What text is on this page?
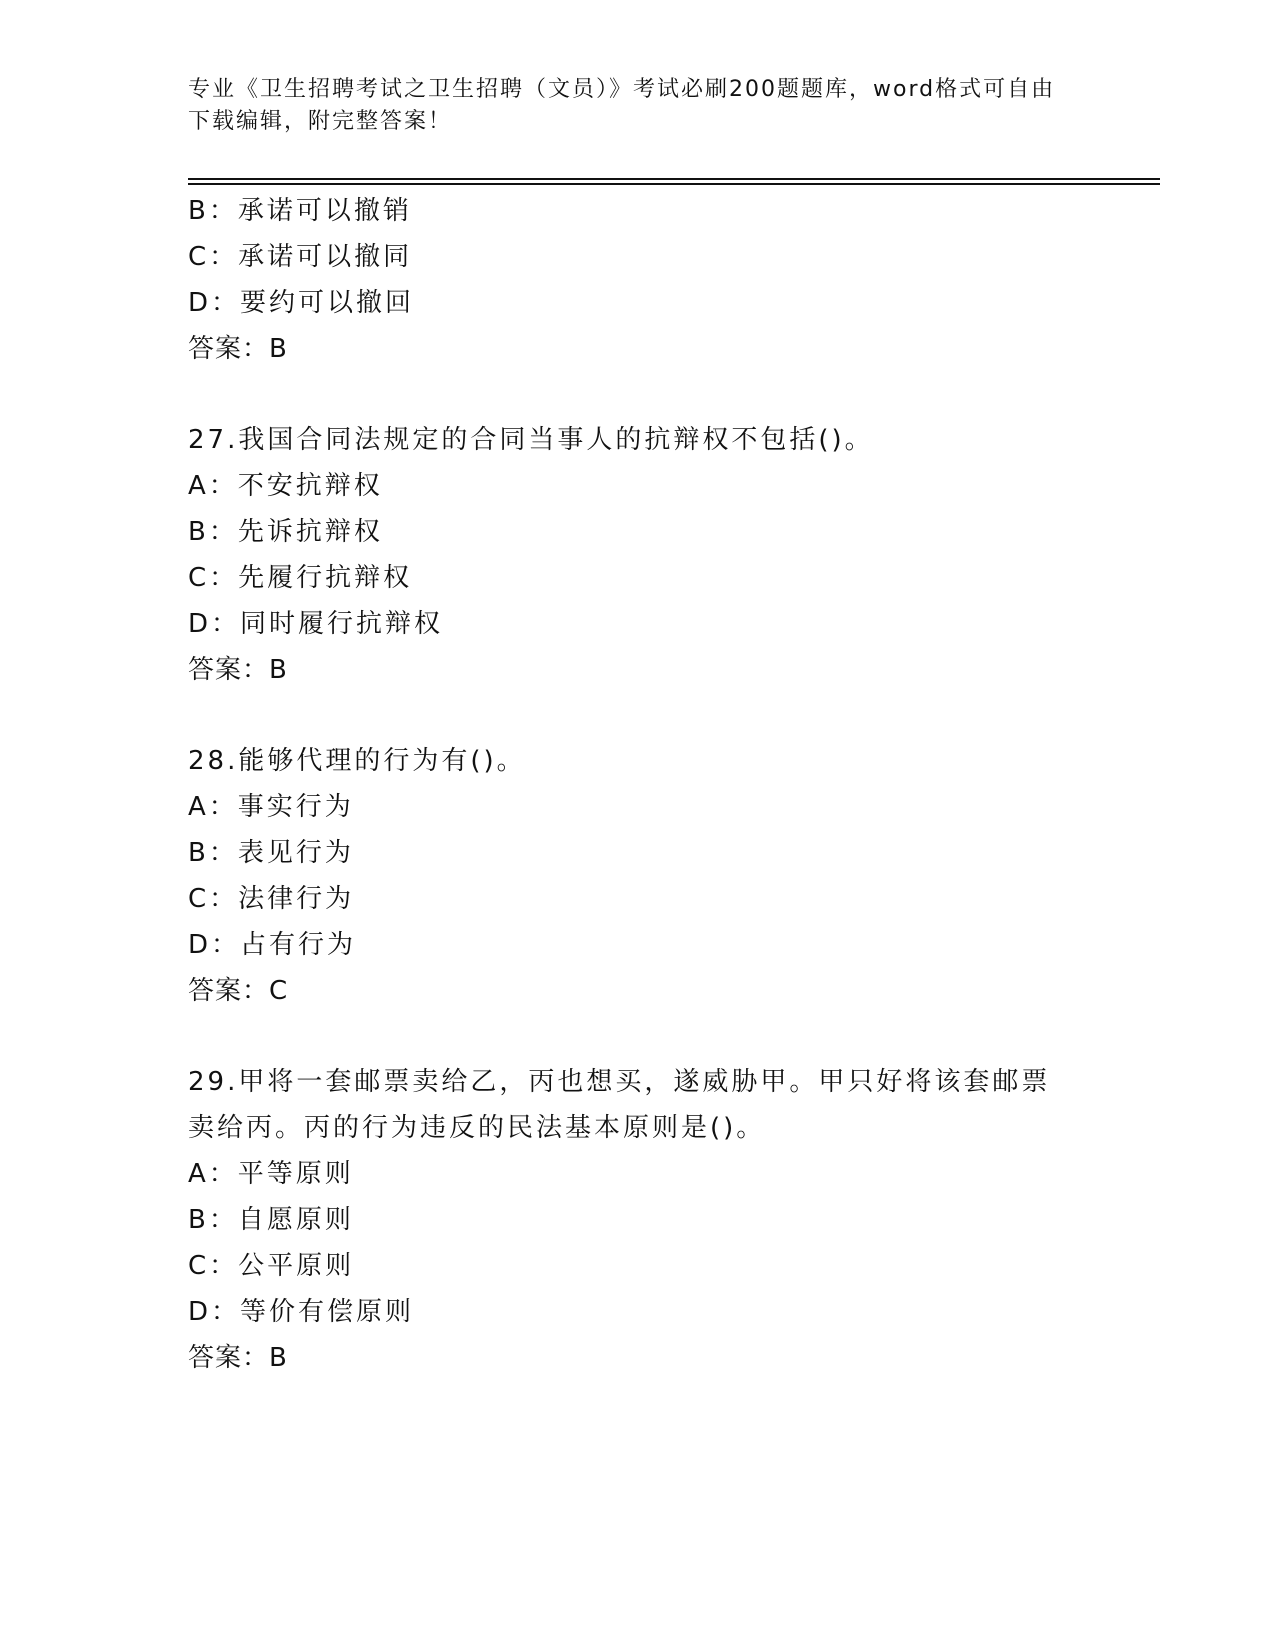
专业《卫生招聘考试之卫生招聘（文员）》考试必刷200题题库，word格式可自由下载编辑，附完整答案！
B：承诺可以撤销
C：承诺可以撤同
D：要约可以撤回
答案：B
27.我国合同法规定的合同当事人的抗辩权不包括()。
A：不安抗辩权
B：先诉抗辩权
C：先履行抗辩权
D：同时履行抗辩权
答案：B
28.能够代理的行为有()。
A：事实行为
B：表见行为
C：法律行为
D：占有行为
答案：C
29.甲将一套邮票卖给乙，丙也想买，遂威胁甲。甲只好将该套邮票卖给丙。丙的行为违反的民法基本原则是()。
A：平等原则
B：自愿原则
C：公平原则
D：等价有偿原则
答案：B
